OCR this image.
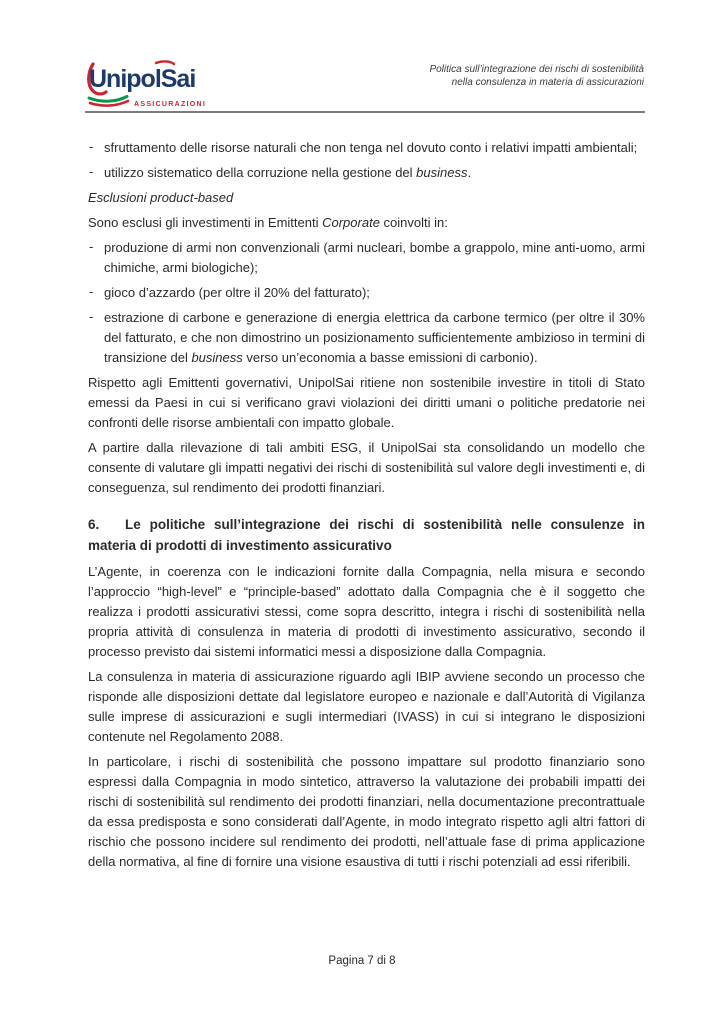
UnipolSai
ASSICURAZIONI
Politica sull’integrazione dei rischi di sostenibilità
nella consulenza in materia di assicurazioni

- sfruttamento delle risorse naturali che non tenga nel dovuto conto i relativi impatti ambientali;

- utilizzo sistematico della corruzione nella gestione del business.

Esclusioni product-based

Sono esclusi gli investimenti in Emittenti Corporate coinvolti in:

- produzione di armi non convenzionali (armi nucleari, bombe a grappolo, mine anti-uomo, armi chimiche, armi biologiche);

- gioco d’azzardo (per oltre il 20% del fatturato);

- estrazione di carbone e generazione di energia elettrica da carbone termico (per oltre il 30% del fatturato, e che non dimostrino un posizionamento sufficientemente ambizioso in termini di transizione del business verso un’economia a basse emissioni di carbonio).

Rispetto agli Emittenti governativi, UnipolSai ritiene non sostenibile investire in titoli di Stato emessi da Paesi in cui si verificano gravi violazioni dei diritti umani o politiche predatorie nei confronti delle risorse ambientali con impatto globale.

A partire dalla rilevazione di tali ambiti ESG, il UnipolSai sta consolidando un modello che consente di valutare gli impatti negativi dei rischi di sostenibilità sul valore degli investimenti e, di conseguenza, sul rendimento dei prodotti finanziari.

6. Le politiche sull’integrazione dei rischi di sostenibilità nelle consulenze in materia di prodotti di investimento assicurativo

L’Agente, in coerenza con le indicazioni fornite dalla Compagnia, nella misura e secondo l’approccio “high-level” e “principle-based” adottato dalla Compagnia che è il soggetto che realizza i prodotti assicurativi stessi, come sopra descritto, integra i rischi di sostenibilità nella propria attività di consulenza in materia di prodotti di investimento assicurativo, secondo il processo previsto dai sistemi informatici messi a disposizione dalla Compagnia.

La consulenza in materia di assicurazione riguardo agli IBIP avviene secondo un processo che risponde alle disposizioni dettate dal legislatore europeo e nazionale e dall’Autorità di Vigilanza sulle imprese di assicurazioni e sugli intermediari (IVASS) in cui si integrano le disposizioni contenute nel Regolamento 2088.

In particolare, i rischi di sostenibilità che possono impattare sul prodotto finanziario sono espressi dalla Compagnia in modo sintetico, attraverso la valutazione dei probabili impatti dei rischi di sostenibilità sul rendimento dei prodotti finanziari, nella documentazione precontrattuale da essa predisposta e sono considerati dall’Agente, in modo integrato rispetto agli altri fattori di rischio che possono incidere sul rendimento dei prodotti, nell’attuale fase di prima applicazione della normativa, al fine di fornire una visione esaustiva di tutti i rischi potenziali ad essi riferibili.

Pagina 7 di 8
